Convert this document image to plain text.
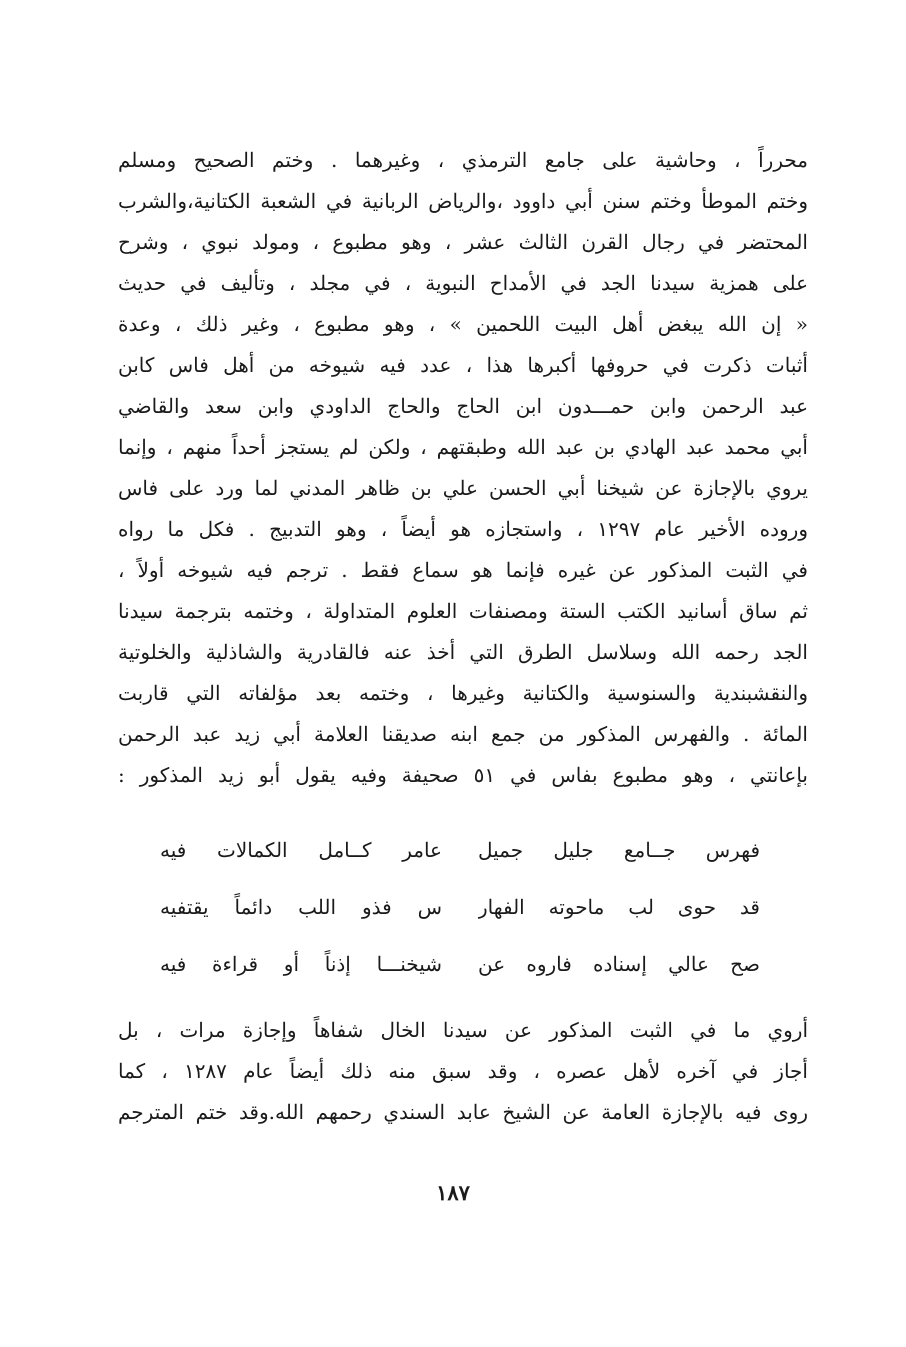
محرراً ، وحاشية على جامع الترمذي ، وغيرهما . وختم الصحيح ومسلم
وختم الموطأ وختم سنن أبي داوود ،والرياض الربانية في الشعبة الكتانية،والشرب
المحتضر في رجال القرن الثالث عشر ، وهو مطبوع ، ومولد نبوي ، وشرح
على همزية سيدنا الجد في الأمداح النبوية ، في مجلد ، وتأليف في حديث
« إن الله يبغض أهل البيت اللحمين » ، وهو مطبوع ، وغير ذلك ، وعدة
أثبات ذكرت في حروفها أكبرها هذا ، عدد فيه شيوخه من أهل فاس كابن
عبد الرحمن وابن حمـــدون ابن الحاج والحاج الداودي وابن سعد والقاضي
أبي محمد عبد الهادي بن عبد الله وطبقتهم ، ولكن لم يستجز أحداً منهم ، وإنما
يروي بالإجازة عن شيخنا أبي الحسن علي بن ظاهر المدني لما ورد على فاس
وروده الأخير عام ١٢٩٧ ، واستجازه هو أيضاً ، وهو التدبيج . فكل ما رواه
في الثبت المذكور عن غيره فإنما هو سماع فقط . ترجم فيه شيوخه أولاً ،
ثم ساق أسانيد الكتب الستة ومصنفات العلوم المتداولة ، وختمه بترجمة سيدنا
الجد رحمه الله وسلاسل الطرق التي أخذ عنه فالقادرية والشاذلية والخلوتية
والنقشبندية والسنوسية والكتانية وغيرها ، وختمه بعد مؤلفاته التي قاربت
المائة . والفهرس المذكور من جمع ابنه صديقنا العلامة أبي زيد عبد الرحمن
بإعانتي ، وهو مطبوع بفاس في ٥١ صحيفة وفيه يقول أبو زيد المذكور :
فهرس جــامع جليل جميل
عامر كــامل الكمالات فيه
قد حوى لب ماحوته الفهار
س فذو اللب دائماً يقتفيه
صح عالي إسناده فاروه عن
شيخنـــا إذناً أو قراءة فيه
أروي ما في الثبت المذكور عن سيدنا الخال شفاهاً وإجازة مرات ، بل
أجاز في آخره لأهل عصره ، وقد سبق منه ذلك أيضاً عام ١٢٨٧ ، كما
روى فيه بالإجازة العامة عن الشيخ عابد السندي رحمهم الله.وقد ختم المترجم
١٨٧
